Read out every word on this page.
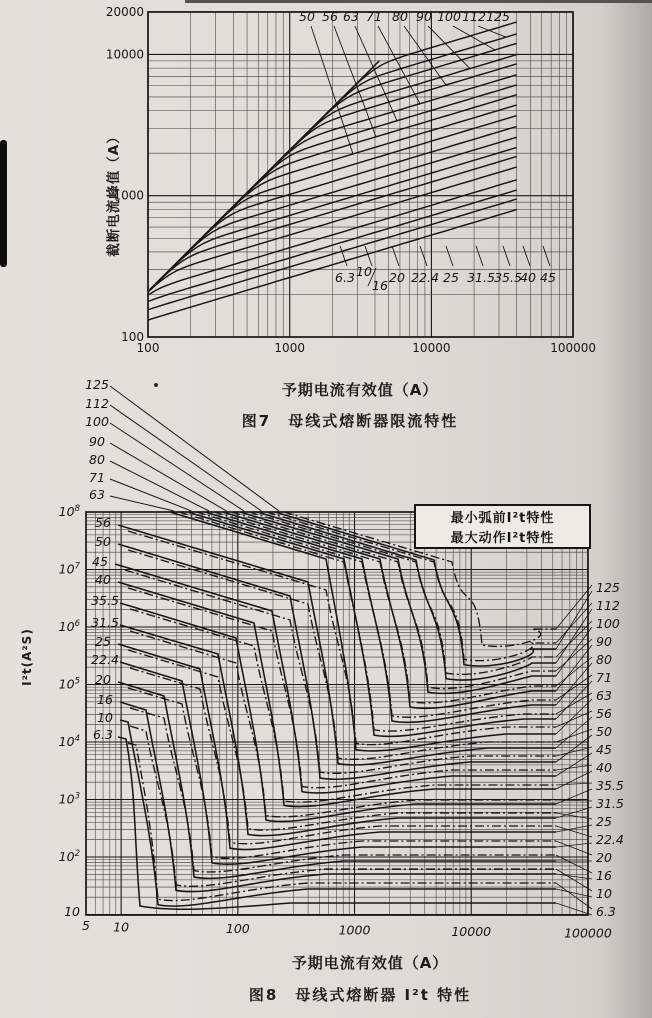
50 56 63 71 80 90 100 112 125
6.3 10
16
20 22.4 25 31.5 35.5
40 45
100
1000
10000
20000
100	1000	10000	100000
125
112
100
90
80
71
63
56
50
45
40
35.5
31.5
25
22.4
20
16
10
6.3
125
112
100
90
80
71
63
56
50
45
40
35.5
31.5
25
22.4
20
16
10
6.3
10
$10^2$
$10^3$
$10^4$
$10^5$
$10^6$
$10^7$
$10^8$
5 10	100	1000	10000	100000
截断电流峰值（A）
予期电流有效值（A）
图7　母线式熔断器限流特性
I²t(A²S)
予期电流有效值（A）
图8　母线式熔断器 I²t 特性
最小弧前I²t特性
最大动作I²t特性
